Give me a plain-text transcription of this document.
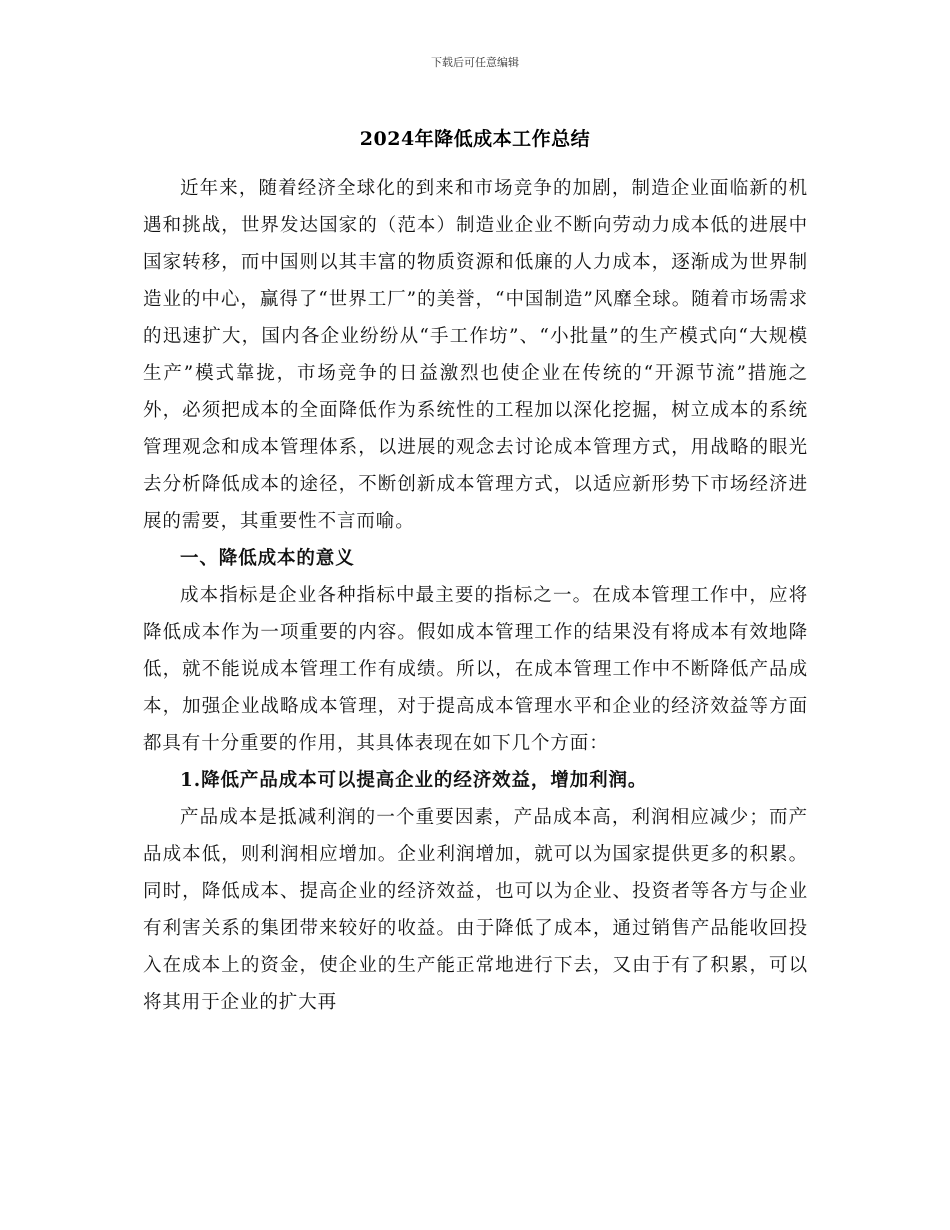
下载后可任意编辑
2024年降低成本工作总结

近年来，随着经济全球化的到来和市场竞争的加剧，制造企业面临新的机遇和挑战，世界发达国家的（范本）制造业企业不断向劳动力成本低的进展中国家转移，而中国则以其丰富的物质资源和低廉的人力成本，逐渐成为世界制造业的中心，赢得了“世界工厂”的美誉，“中国制造”风靡全球。随着市场需求的迅速扩大，国内各企业纷纷从“手工作坊”、“小批量”的生产模式向“大规模生产”模式靠拢，市场竞争的日益激烈也使企业在传统的“开源节流”措施之外，必须把成本的全面降低作为系统性的工程加以深化挖掘，树立成本的系统管理观念和成本管理体系，以进展的观念去讨论成本管理方式，用战略的眼光去分析降低成本的途径，不断创新成本管理方式，以适应新形势下市场经济进展的需要，其重要性不言而喻。

一、降低成本的意义

成本指标是企业各种指标中最主要的指标之一。在成本管理工作中，应将降低成本作为一项重要的内容。假如成本管理工作的结果没有将成本有效地降低，就不能说成本管理工作有成绩。所以，在成本管理工作中不断降低产品成本，加强企业战略成本管理，对于提高成本管理水平和企业的经济效益等方面都具有十分重要的作用，其具体表现在如下几个方面：

1.降低产品成本可以提高企业的经济效益，增加利润。

产品成本是抵减利润的一个重要因素，产品成本高，利润相应减少；而产品成本低，则利润相应增加。企业利润增加，就可以为国家提供更多的积累。同时，降低成本、提高企业的经济效益，也可以为企业、投资者等各方与企业有利害关系的集团带来较好的收益。由于降低了成本，通过销售产品能收回投入在成本上的资金，使企业的生产能正常地进行下去，又由于有了积累，可以将其用于企业的扩大再
